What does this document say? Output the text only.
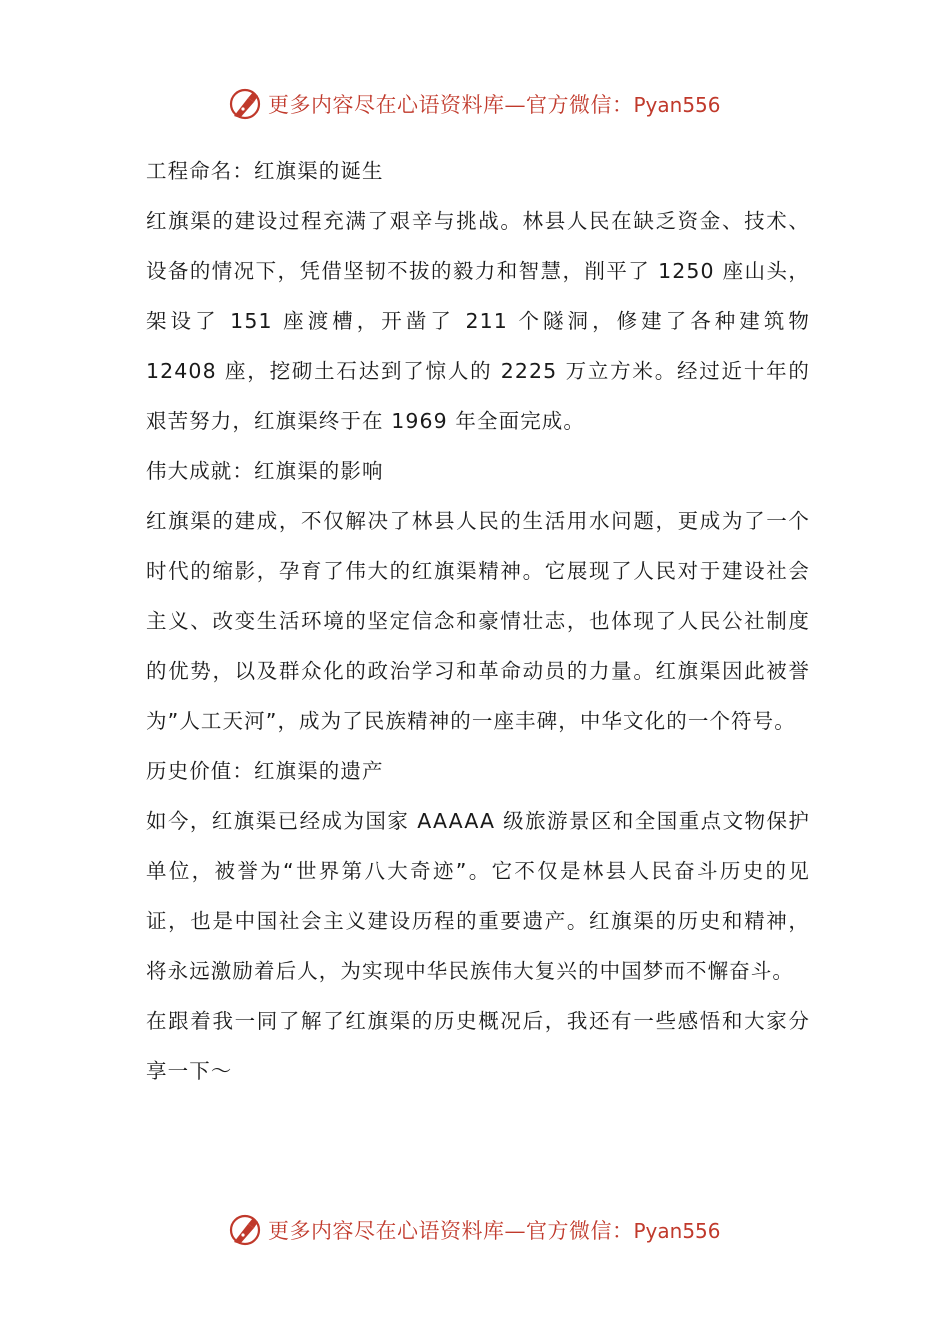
更多内容尽在心语资料库—官方微信：Pyan556

工程命名：红旗渠的诞生

红旗渠的建设过程充满了艰辛与挑战。林县人民在缺乏资金、技术、设备的情况下，凭借坚韧不拔的毅力和智慧，削平了 1250 座山头，架设了 151 座渡槽，开凿了 211 个隧洞，修建了各种建筑物 12408 座，挖砌土石达到了惊人的 2225 万立方米。经过近十年的艰苦努力，红旗渠终于在 1969 年全面完成。

伟大成就：红旗渠的影响

红旗渠的建成，不仅解决了林县人民的生活用水问题，更成为了一个时代的缩影，孕育了伟大的红旗渠精神。它展现了人民对于建设社会主义、改变生活环境的坚定信念和豪情壮志，也体现了人民公社制度的优势，以及群众化的政治学习和革命动员的力量。红旗渠因此被誉为”人工天河”，成为了民族精神的一座丰碑，中华文化的一个符号。

历史价值：红旗渠的遗产

如今，红旗渠已经成为国家 AAAAA 级旅游景区和全国重点文物保护单位，被誉为“世界第八大奇迹”。它不仅是林县人民奋斗历史的见证，也是中国社会主义建设历程的重要遗产。红旗渠的历史和精神，将永远激励着后人，为实现中华民族伟大复兴的中国梦而不懈奋斗。

在跟着我一同了解了红旗渠的历史概况后，我还有一些感悟和大家分享一下～

更多内容尽在心语资料库—官方微信：Pyan556
